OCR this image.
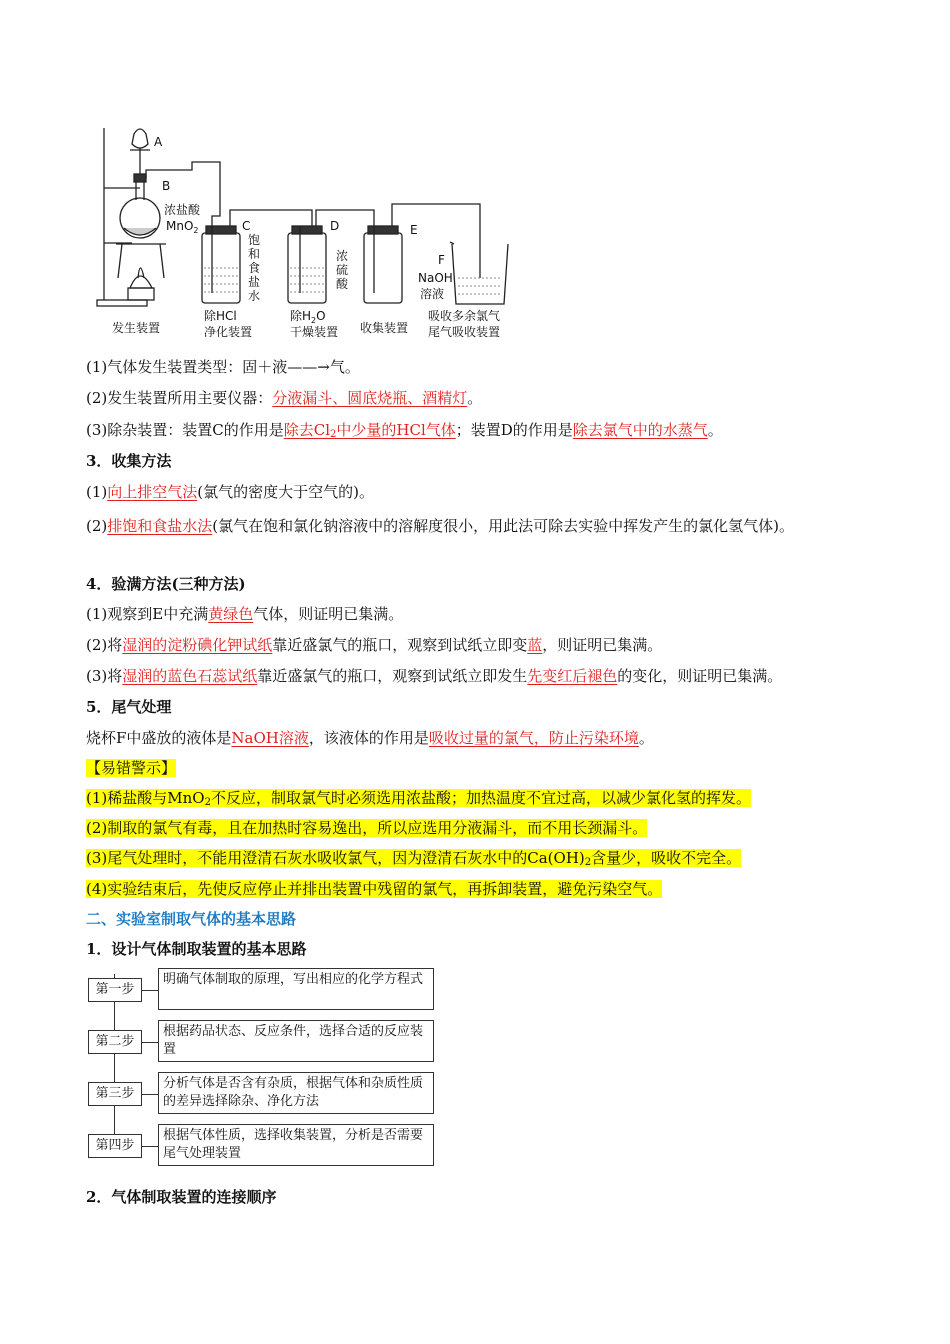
A
B
浓盐酸
MnO$_2$	C	D	E
F
NaOH
溶液
饱
和
食
盐
水
浓
硫
酸
发生装置
除HCl
净化装置
除$H_2O$
干燥装置 收集装置
吸收多余氯气
尾气吸收装置
(1)气体发生装置类型：固＋液——→气。
(2)发生装置所用主要仪器：分液漏斗、圆底烧瓶、酒精灯。
(3)除杂装置：装置C的作用是除去$Cl_2$中少量的HCl气体；装置D的作用是除去氯气中的水蒸气。
3．收集方法
(1)向上排空气法(氯气的密度大于空气的)。
(2)排饱和食盐水法(氯气在饱和氯化钠溶液中的溶解度很小，用此法可除去实验中挥发产生的氯化氢气体)。
4．验满方法(三种方法)
(1)观察到E中充满黄绿色气体，则证明已集满。
(2)将湿润的淀粉碘化钾试纸靠近盛氯气的瓶口，观察到试纸立即变蓝，则证明已集满。
(3)将湿润的蓝色石蕊试纸靠近盛氯气的瓶口，观察到试纸立即发生先变红后褪色的变化，则证明已集满。
5．尾气处理
烧杯F中盛放的液体是NaOH溶液，该液体的作用是吸收过量的氯气，防止污染环境。
【易错警示】
(1)稀盐酸与MnO$_2$不反应，制取氯气时必须选用浓盐酸；加热温度不宜过高，以减少氯化氢的挥发。
(2)制取的氯气有毒，且在加热时容易逸出，所以应选用分液漏斗，而不用长颈漏斗。
(3)尾气处理时，不能用澄清石灰水吸收氯气，因为澄清石灰水中的$Ca(OH)_2$含量少，吸收不完全。
(4)实验结束后，先使反应停止并排出装置中残留的氯气，再拆卸装置，避免污染空气。
二、实验室制取气体的基本思路
1．设计气体制取装置的基本思路
第一步
明确气体制取的原理，写出相应的化学方程式
第二步
根据药品状态、反应条件，选择合适的反应装置
第三步
分析气体是否含有杂质，根据气体和杂质性质的差异选择除杂、净化方法
第四步
根据气体性质，选择收集装置，分析是否需要尾气处理装置
2．气体制取装置的连接顺序
